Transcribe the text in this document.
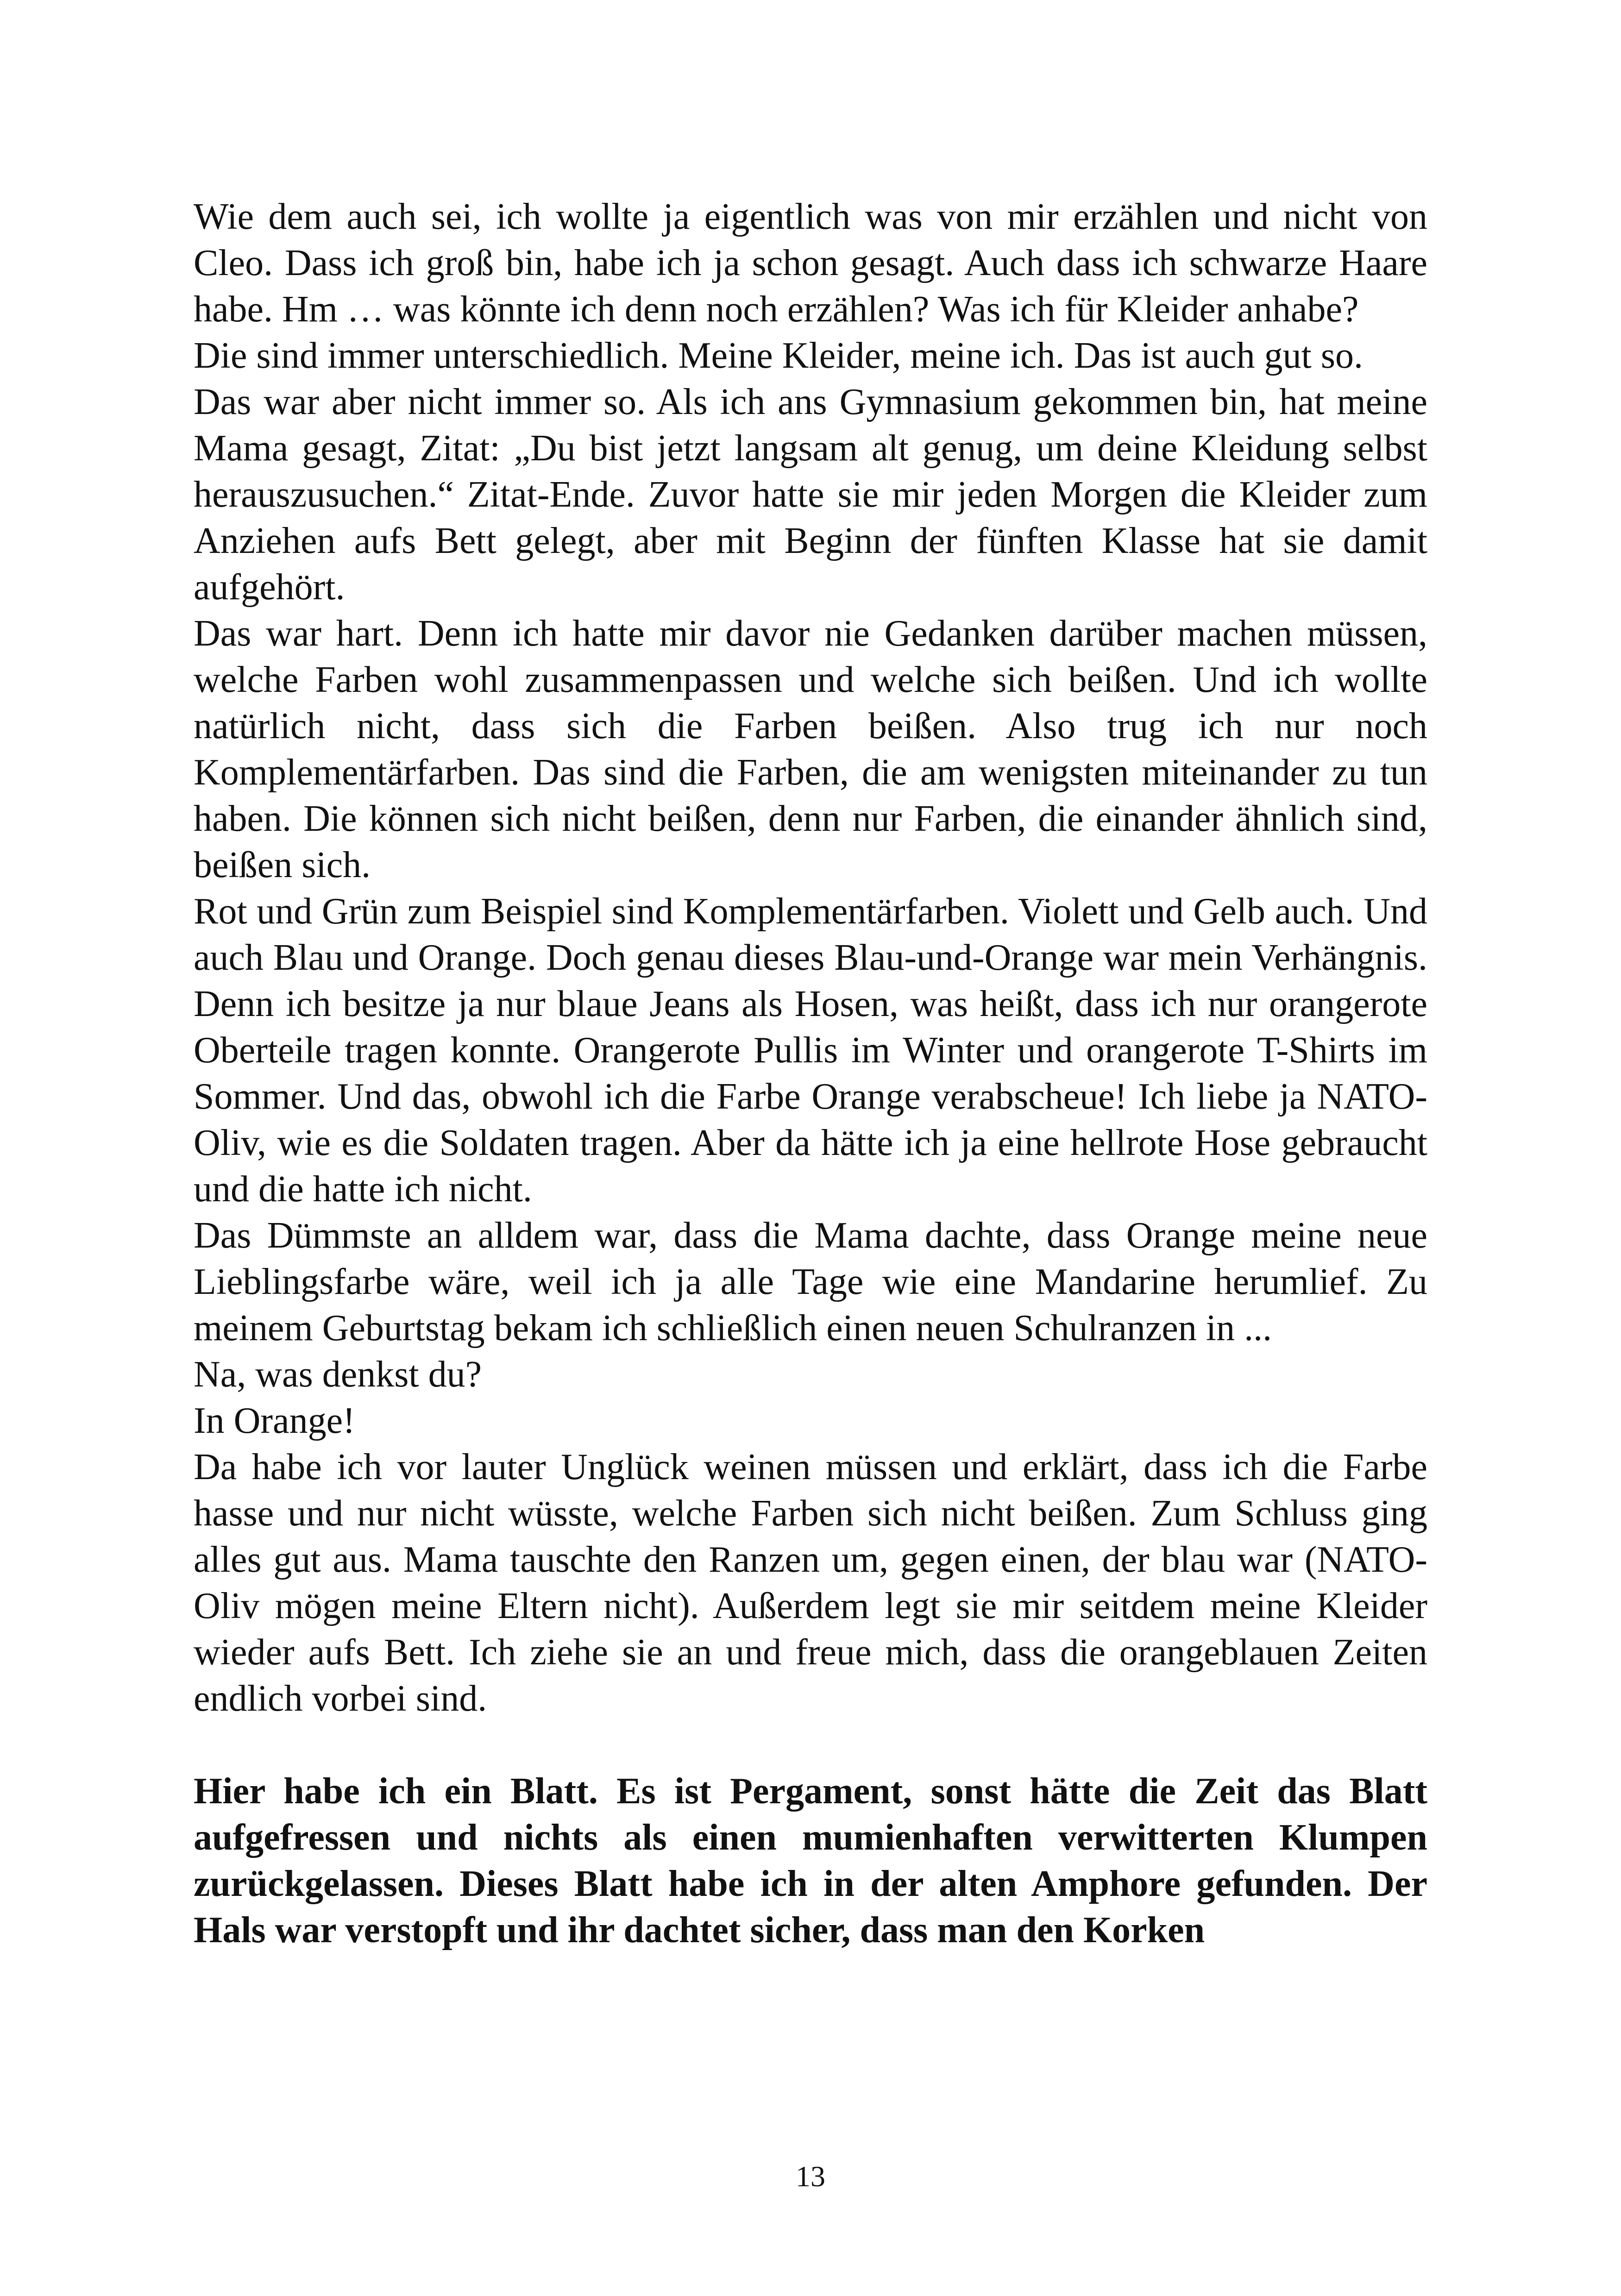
Wie dem auch sei, ich wollte ja eigentlich was von mir erzählen und nicht von Cleo. Dass ich groß bin, habe ich ja schon gesagt. Auch dass ich schwarze Haare habe. Hm … was könnte ich denn noch erzählen? Was ich für Kleider anhabe?

Die sind immer unterschiedlich. Meine Kleider, meine ich. Das ist auch gut so.

Das war aber nicht immer so. Als ich ans Gymnasium gekommen bin, hat meine Mama gesagt, Zitat: „Du bist jetzt langsam alt genug, um deine Kleidung selbst herauszusuchen.“ Zitat-Ende. Zuvor hatte sie mir jeden Morgen die Kleider zum Anziehen aufs Bett gelegt, aber mit Beginn der fünften Klasse hat sie damit aufgehört.

Das war hart. Denn ich hatte mir davor nie Gedanken darüber machen müssen, welche Farben wohl zusammenpassen und welche sich beißen. Und ich wollte natürlich nicht, dass sich die Farben beißen. Also trug ich nur noch Komplementärfarben. Das sind die Farben, die am wenigsten miteinander zu tun haben. Die können sich nicht beißen, denn nur Farben, die einander ähnlich sind, beißen sich.

Rot und Grün zum Beispiel sind Komplementärfarben. Violett und Gelb auch. Und auch Blau und Orange. Doch genau dieses Blau-und-Orange war mein Verhängnis. Denn ich besitze ja nur blaue Jeans als Hosen, was heißt, dass ich nur orangerote Oberteile tragen konnte. Orangerote Pullis im Winter und orangerote T-Shirts im Sommer. Und das, obwohl ich die Farbe Orange verabscheue! Ich liebe ja NATO-Oliv, wie es die Soldaten tragen. Aber da hätte ich ja eine hellrote Hose gebraucht und die hatte ich nicht.

Das Dümmste an alldem war, dass die Mama dachte, dass Orange meine neue Lieblingsfarbe wäre, weil ich ja alle Tage wie eine Mandarine herumlief. Zu meinem Geburtstag bekam ich schließlich einen neuen Schulranzen in ...

Na, was denkst du?

In Orange!

Da habe ich vor lauter Unglück weinen müssen und erklärt, dass ich die Farbe hasse und nur nicht wüsste, welche Farben sich nicht beißen. Zum Schluss ging alles gut aus. Mama tauschte den Ranzen um, gegen einen, der blau war (NATO-Oliv mögen meine Eltern nicht). Außerdem legt sie mir seitdem meine Kleider wieder aufs Bett. Ich ziehe sie an und freue mich, dass die orangeblauen Zeiten endlich vorbei sind.

Hier habe ich ein Blatt. Es ist Pergament, sonst hätte die Zeit das Blatt aufgefressen und nichts als einen mumienhaften verwitterten Klumpen zurückgelassen. Dieses Blatt habe ich in der alten Amphore gefunden. Der Hals war verstopft und ihr dachtet sicher, dass man den Korken

13
